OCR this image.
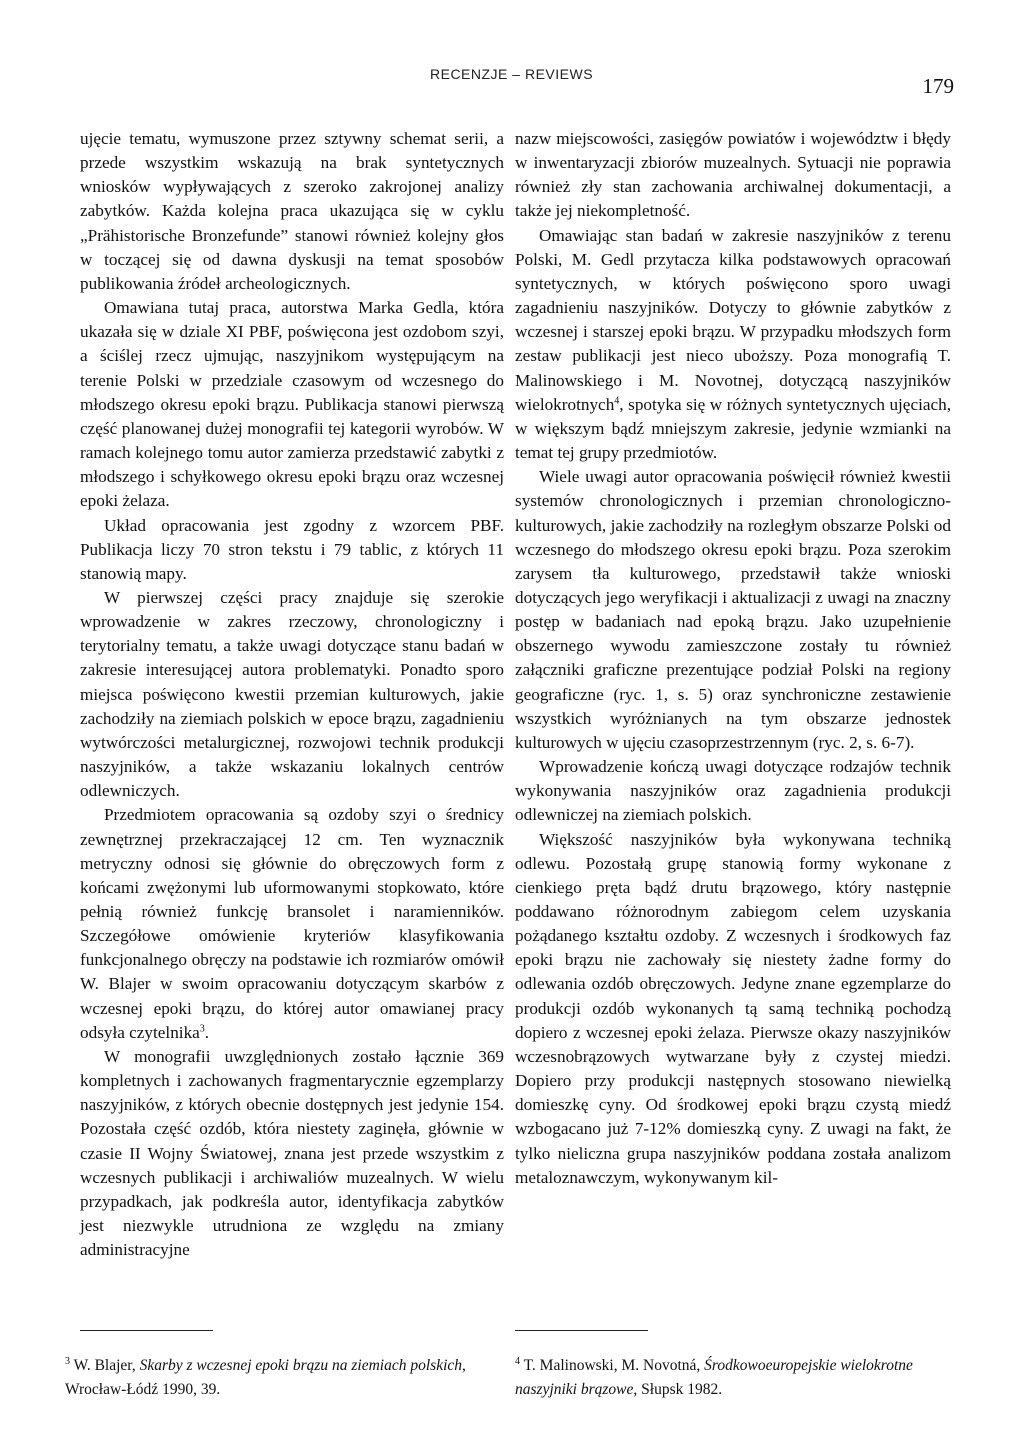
RECENZJE – REVIEWS	179

ujęcie tematu, wymuszone przez sztywny schemat serii, a przede wszystkim wskazują na brak syntetycznych wniosków wypływających z szeroko zakrojonej analizy zabytków. Każda kolejna praca ukazująca się w cyklu „Prähistorische Bronzefunde” stanowi również kolejny głos w toczącej się od dawna dyskusji na temat sposobów publikowania źródeł archeologicznych.

Omawiana tutaj praca, autorstwa Marka Gedla, która ukazała się w dziale XI PBF, poświęcona jest ozdobom szyi, a ściślej rzecz ujmując, naszyjnikom występującym na terenie Polski w przedziale czasowym od wczesnego do młodszego okresu epoki brązu. Publikacja stanowi pierwszą część planowanej dużej monografii tej kategorii wyrobów. W ramach kolejnego tomu autor zamierza przedstawić zabytki z młodszego i schyłkowego okresu epoki brązu oraz wczesnej epoki żelaza.

Układ opracowania jest zgodny z wzorcem PBF. Publikacja liczy 70 stron tekstu i 79 tablic, z których 11 stanowią mapy.

W pierwszej części pracy znajduje się szerokie wprowadzenie w zakres rzeczowy, chronologiczny i terytorialny tematu, a także uwagi dotyczące stanu badań w zakresie interesującej autora problematyki. Ponadto sporo miejsca poświęcono kwestii przemian kulturowych, jakie zachodziły na ziemiach polskich w epoce brązu, zagadnieniu wytwórczości metalurgicznej, rozwojowi technik produkcji naszyjników, a także wskazaniu lokalnych centrów odlewniczych.

Przedmiotem opracowania są ozdoby szyi o średnicy zewnętrznej przekraczającej 12 cm. Ten wyznacznik metryczny odnosi się głównie do obręczowych form z końcami zwężonymi lub uformowanymi stopkowato, które pełnią również funkcję bransolet i naramienników. Szczegółowe omówienie kryteriów klasyfikowania funkcjonalnego obręczy na podstawie ich rozmiarów omówił W. Blajer w swoim opracowaniu dotyczącym skarbów z wczesnej epoki brązu, do której autor omawianej pracy odsyła czytelnika$^3$.

W monografii uwzględnionych zostało łącznie 369 kompletnych i zachowanych fragmentarycznie egzemplarzy naszyjników, z których obecnie dostępnych jest jedynie 154. Pozostała część ozdób, która niestety zaginęła, głównie w czasie II Wojny Światowej, znana jest przede wszystkim z wczesnych publikacji i archiwaliów muzealnych. W wielu przypadkach, jak podkreśla autor, identyfikacja zabytków jest niezwykle utrudniona ze względu na zmiany administracyjne

nazw miejscowości, zasięgów powiatów i województw i błędy w inwentaryzacji zbiorów muzealnych. Sytuacji nie poprawia również zły stan zachowania archiwalnej dokumentacji, a także jej niekompletność.

Omawiając stan badań w zakresie naszyjników z terenu Polski, M. Gedl przytacza kilka podstawowych opracowań syntetycznych, w których poświęcono sporo uwagi zagadnieniu naszyjników. Dotyczy to głównie zabytków z wczesnej i starszej epoki brązu. W przypadku młodszych form zestaw publikacji jest nieco uboższy. Poza monografią T. Malinowskiego i M. Novotnej, dotyczącą naszyjników wielokrotnych$^4$, spotyka się w różnych syntetycznych ujęciach, w większym bądź mniejszym zakresie, jedynie wzmianki na temat tej grupy przedmiotów.

Wiele uwagi autor opracowania poświęcił również kwestii systemów chronologicznych i przemian chronologiczno-kulturowych, jakie zachodziły na rozległym obszarze Polski od wczesnego do młodszego okresu epoki brązu. Poza szerokim zarysem tła kulturowego, przedstawił także wnioski dotyczących jego weryfikacji i aktualizacji z uwagi na znaczny postęp w badaniach nad epoką brązu. Jako uzupełnienie obszernego wywodu zamieszczone zostały tu również załączniki graficzne prezentujące podział Polski na regiony geograficzne (ryc. 1, s. 5) oraz synchroniczne zestawienie wszystkich wyróżnianych na tym obszarze jednostek kulturowych w ujęciu czasoprzestrzennym (ryc. 2, s. 6-7).

Wprowadzenie kończą uwagi dotyczące rodzajów technik wykonywania naszyjników oraz zagadnienia produkcji odlewniczej na ziemiach polskich.

Większość naszyjników była wykonywana techniką odlewu. Pozostałą grupę stanowią formy wykonane z cienkiego pręta bądź drutu brązowego, który następnie poddawano różnorodnym zabiegom celem uzyskania pożądanego kształtu ozdoby. Z wczesnych i środkowych faz epoki brązu nie zachowały się niestety żadne formy do odlewania ozdób obręczowych. Jedyne znane egzemplarze do produkcji ozdób wykonanych tą samą techniką pochodzą dopiero z wczesnej epoki żelaza. Pierwsze okazy naszyjników wczesnobrązowych wytwarzane były z czystej miedzi. Dopiero przy produkcji następnych stosowano niewielką domieszkę cyny. Od środkowej epoki brązu czystą miedź wzbogacano już 7-12% domieszką cyny. Z uwagi na fakt, że tylko nieliczna grupa naszyjników poddana została analizom metaloznawczym, wykonywanym kil-

$^3$ W. Blajer, Skarby z wczesnej epoki brązu na ziemiach polskich, Wrocław-Łódź 1990, 39.
$^4$ T. Malinowski, M. Novotná, Środkowoeuropejskie wielokrotne naszyjniki brązowe, Słupsk 1982.
